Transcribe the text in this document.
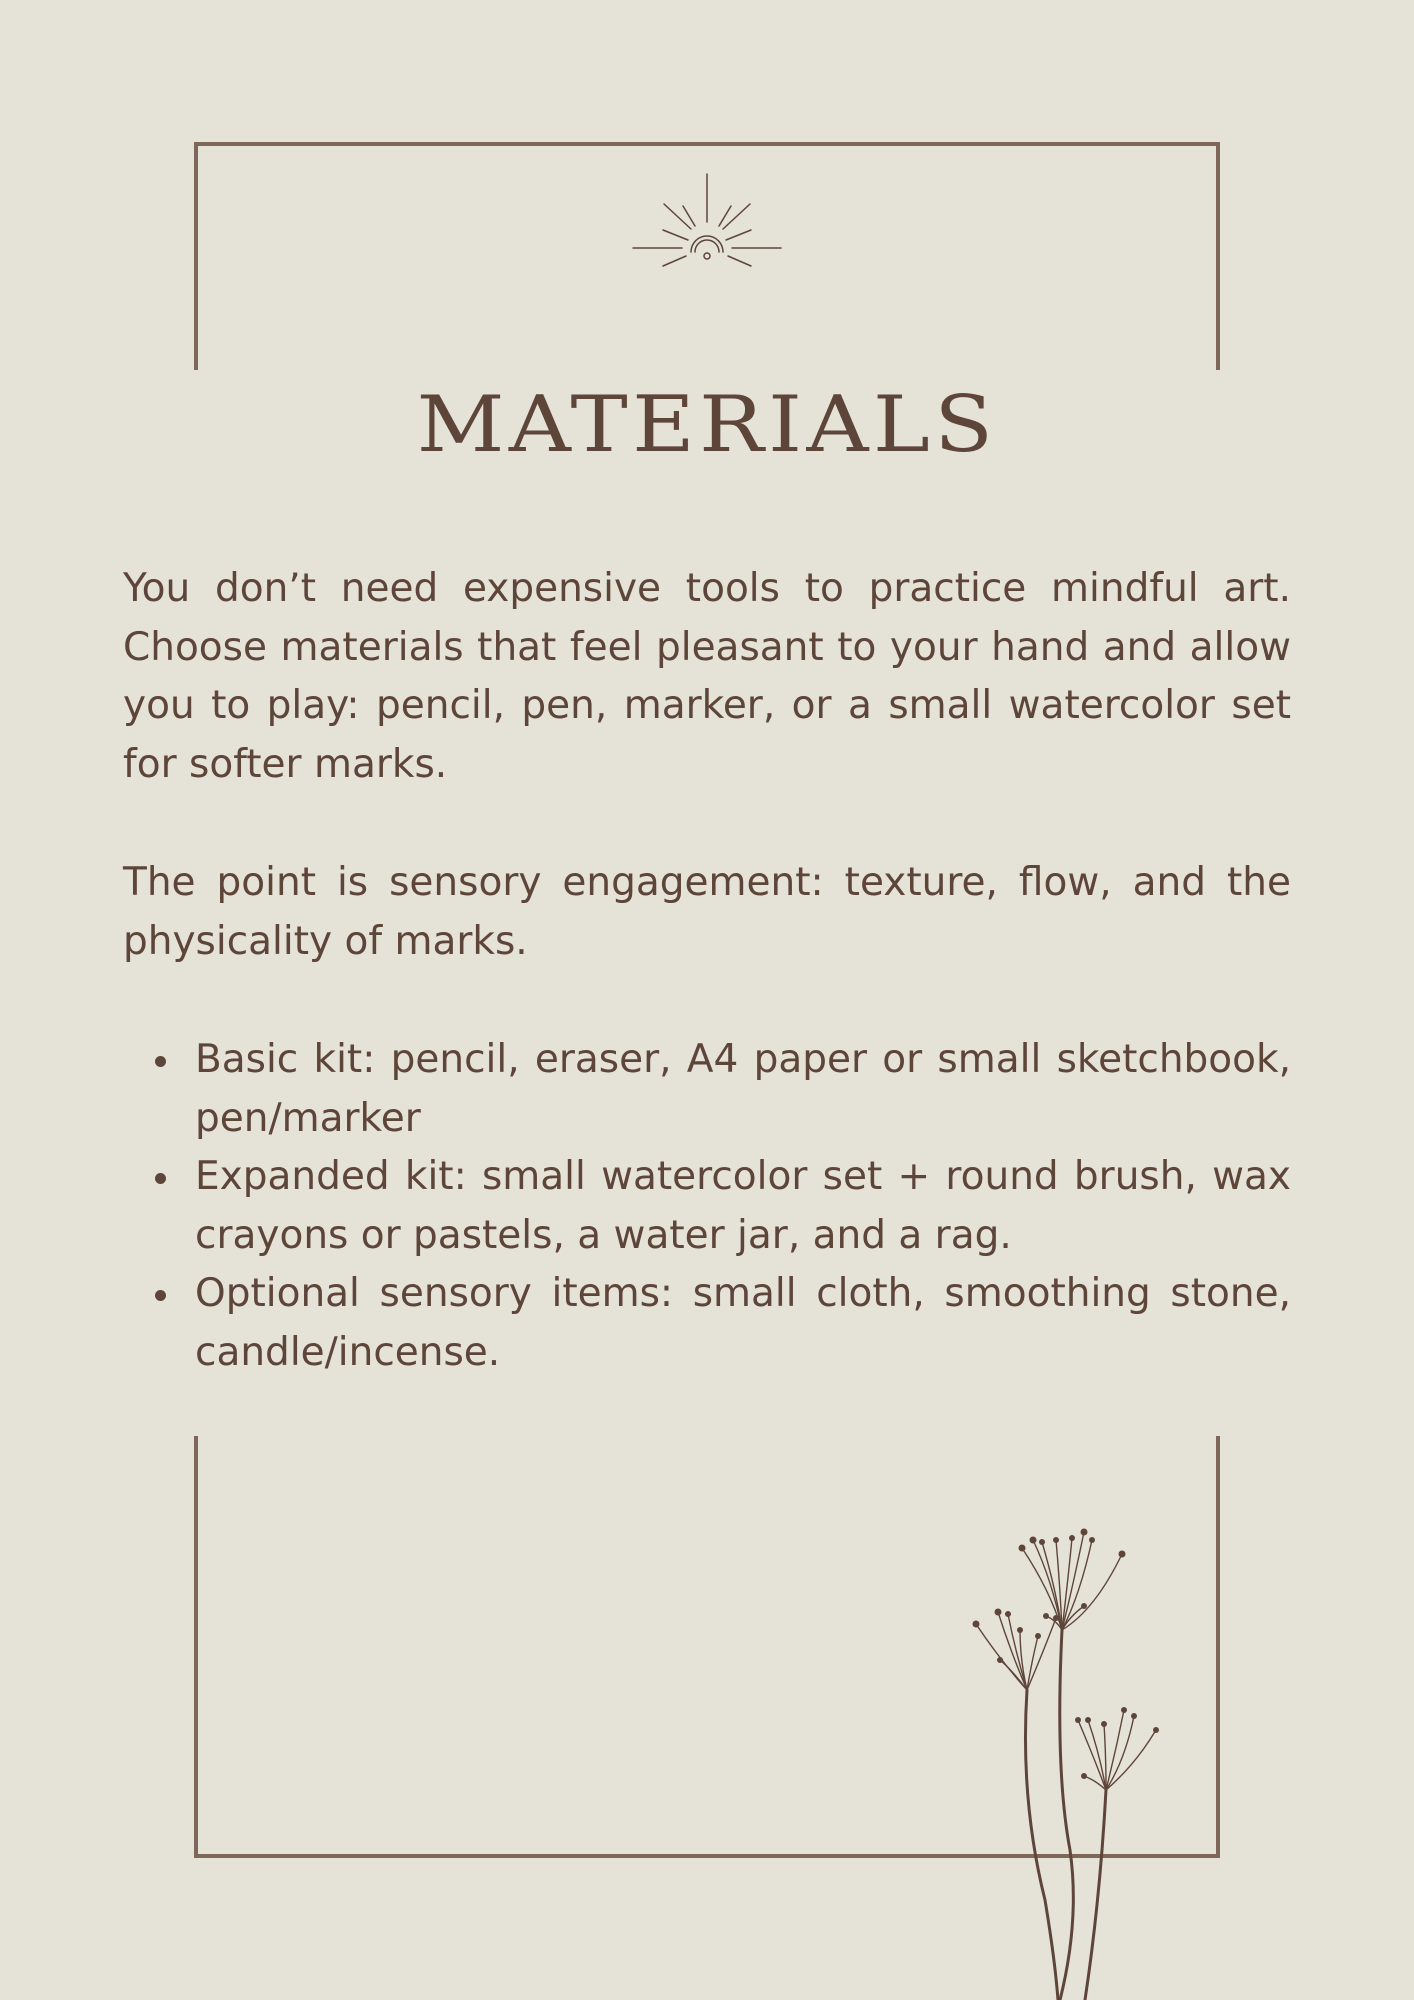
MATERIALS

You don’t need expensive tools to practice mindful art. Choose materials that feel pleasant to your hand and allow you to play: pencil, pen, marker, or a small watercolor set for softer marks.

The point is sensory engagement: texture, flow, and the physicality of marks.

Basic kit: pencil, eraser, A4 paper or small sketchbook, pen/marker
Expanded kit: small watercolor set + round brush, wax crayons or pastels, a water jar, and a rag.
Optional sensory items: small cloth, smoothing stone, candle/incense.
